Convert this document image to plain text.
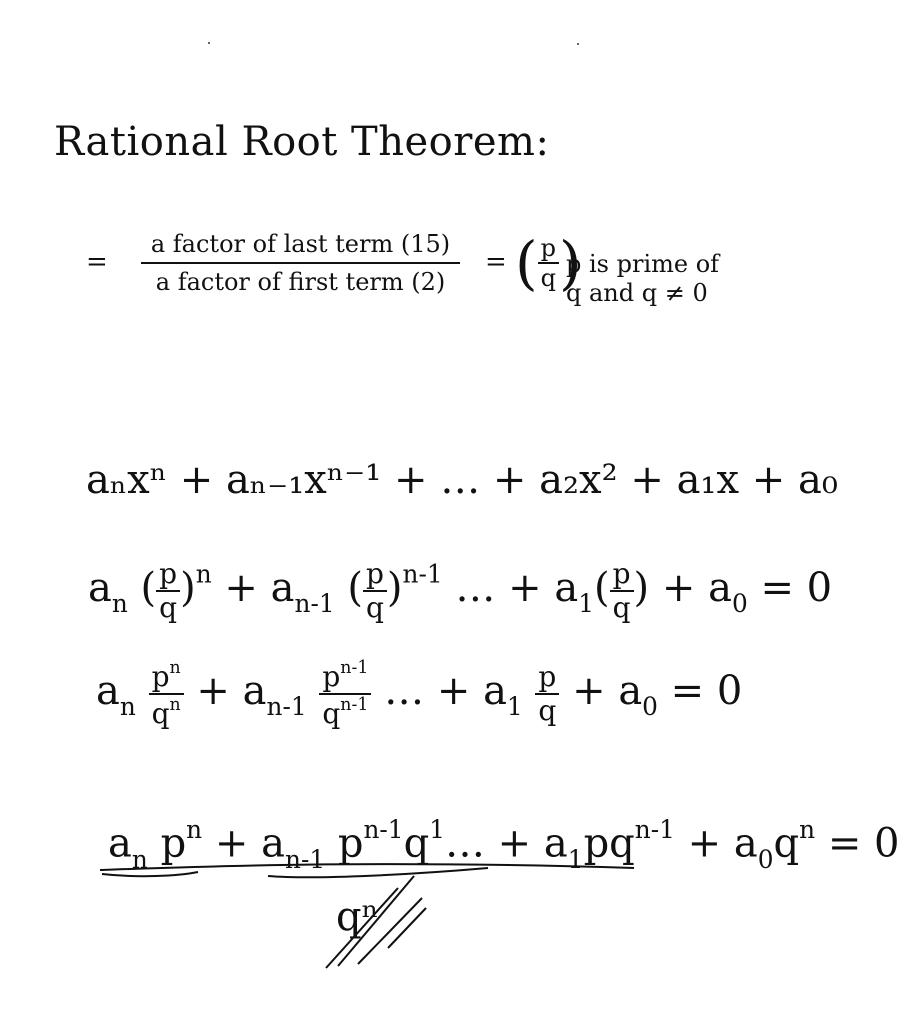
Rational Root Theorem:
= $\frac{\text{a factor of last term (15)}}{\text{a factor of first term (2)}}$ = ( $\frac{p}{q}$ )
p is prime of
q and q ≠ 0
aₙxⁿ + aₙ₋₁xⁿ⁻¹ + … + a₂x² + a₁x + a₀
$a_n$ ( $\frac{p}{q} )^n + a_{n-1}$ ( $\frac{p}{q} )^{n-1}$ … + $a_1( \frac{p}{q}$ ) + $a_0 = 0$
$a_n \frac{p^n}{q^n} + a_{n-1} \frac{p^{n-1}}{q^{n-1}}$ … + $a_1 \frac{p}{q} + a_0 = 0$
$a_n$ $p^n + a_{n-1}$ $p^{n-1}q^1\dots + a_1pq^{n-1} + a_0q^n = 0$
qⁿ
